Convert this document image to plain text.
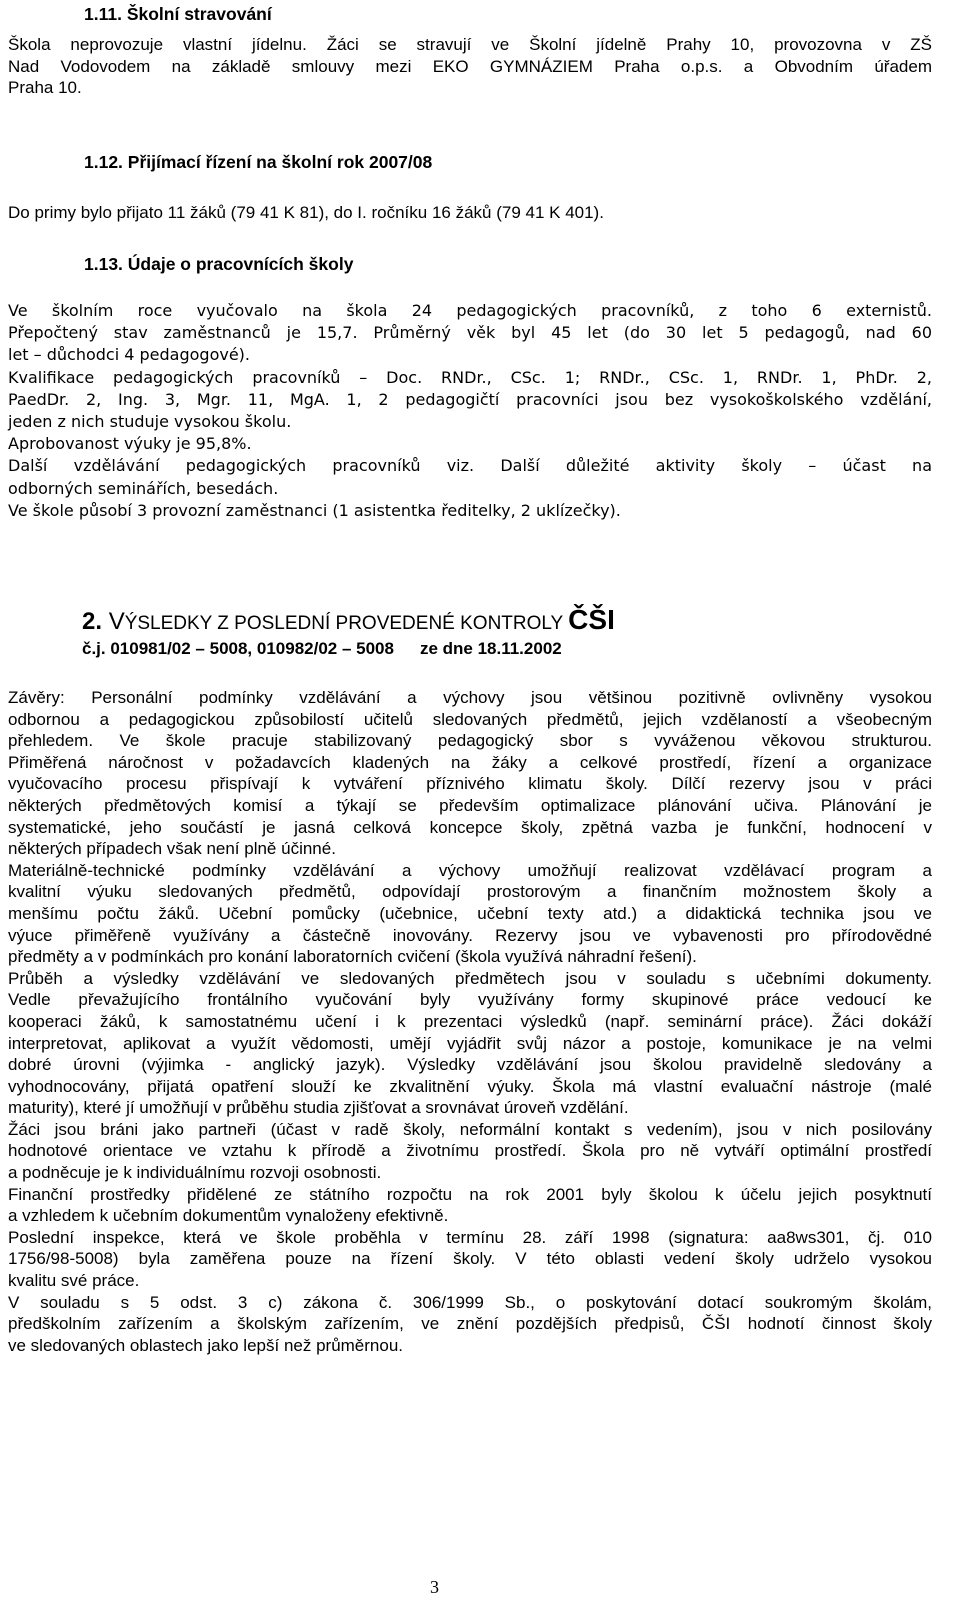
1.11. Školní stravování
Škola neprovozuje vlastní jídelnu. Žáci se stravují ve Školní jídelně Prahy 10, provozovna v ZŠ
Nad Vodovodem na základě smlouvy mezi EKO GYMNÁZIEM Praha o.p.s. a Obvodním úřadem
Praha 10.
1.12. Přijímací řízení na školní rok 2007/08
Do primy bylo přijato 11 žáků (79 41 K 81), do I. ročníku 16 žáků (79 41 K 401).
1.13. Údaje o pracovnících školy
Ve školním roce vyučovalo na škola 24 pedagogických pracovníků, z toho 6 externistů.
Přepočtený stav zaměstnanců je 15,7. Průměrný věk byl 45 let (do 30 let 5 pedagogů, nad 60
let – důchodci 4 pedagogové).
Kvalifikace pedagogických pracovníků – Doc. RNDr., CSc. 1; RNDr., CSc. 1, RNDr. 1, PhDr. 2,
PaedDr. 2, Ing. 3, Mgr. 11, MgA. 1, 2 pedagogičtí pracovníci jsou bez vysokoškolského vzdělání,
jeden z nich studuje vysokou školu.
Aprobovanost výuky je 95,8%.
Další vzdělávání pedagogických pracovníků viz. Další důležité aktivity školy – účast na
odborných seminářích, besedách.
Ve škole působí 3 provozní zaměstnanci (1 asistentka ředitelky, 2 uklízečky).
2. VÝSLEDKY Z POSLEDNÍ PROVEDENÉ KONTROLY ČŠI
č.j. 010981/02 – 5008, 010982/02 – 5008 ze dne 18.11.2002
Závěry: Personální podmínky vzdělávání a výchovy jsou většinou pozitivně ovlivněny vysokou
odbornou a pedagogickou způsobilostí učitelů sledovaných předmětů, jejich vzdělaností a všeobecným
přehledem. Ve škole pracuje stabilizovaný pedagogický sbor s vyváženou věkovou strukturou.
Přiměřená náročnost v požadavcích kladených na žáky a celkové prostředí, řízení a organizace
vyučovacího procesu přispívají k vytváření příznivého klimatu školy. Dílčí rezervy jsou v práci
některých předmětových komisí a týkají se především optimalizace plánování učiva. Plánování je
systematické, jeho součástí je jasná celková koncepce školy, zpětná vazba je funkční, hodnocení v
některých případech však není plně účinné.
Materiálně-technické podmínky vzdělávání a výchovy umožňují realizovat vzdělávací program a
kvalitní výuku sledovaných předmětů, odpovídají prostorovým a finančním možnostem školy a
menšímu počtu žáků. Učební pomůcky (učebnice, učební texty atd.) a didaktická technika jsou ve
výuce přiměřeně využívány a částečně inovovány. Rezervy jsou ve vybavenosti pro přírodovědné
předměty a v podmínkách pro konání laboratorních cvičení (škola využívá náhradní řešení).
Průběh a výsledky vzdělávání ve sledovaných předmětech jsou v souladu s učebními dokumenty.
Vedle převažujícího frontálního vyučování byly využívány formy skupinové práce vedoucí ke
kooperaci žáků, k samostatnému učení i k prezentaci výsledků (např. seminární práce). Žáci dokáží
interpretovat, aplikovat a využít vědomosti, umějí vyjádřit svůj názor a postoje, komunikace je na velmi
dobré úrovni (výjimka - anglický jazyk). Výsledky vzdělávání jsou školou pravidelně sledovány a
vyhodnocovány, přijatá opatření slouží ke zkvalitnění výuky. Škola má vlastní evaluační nástroje (malé
maturity), které jí umožňují v průběhu studia zjišťovat a srovnávat úroveň vzdělání.
Žáci jsou bráni jako partneři (účast v radě školy, neformální kontakt s vedením), jsou v nich posilovány
hodnotové orientace ve vztahu k přírodě a životnímu prostředí. Škola pro ně vytváří optimální prostředí
a podněcuje je k individuálnímu rozvoji osobnosti.
Finanční prostředky přidělené ze státního rozpočtu na rok 2001 byly školou k účelu jejich posyktnutí
a vzhledem k učebním dokumentům vynaloženy efektivně.
Poslední inspekce, která ve škole proběhla v termínu 28. září 1998 (signatura: aa8ws301, čj. 010
1756/98-5008) byla zaměřena pouze na řízení školy. V této oblasti vedení školy udrželo vysokou
kvalitu své práce.
V souladu s 5 odst. 3 c) zákona č. 306/1999 Sb., o poskytování dotací soukromým školám,
předškolním zařízením a školským zařízením, ve znění pozdějších předpisů, ČŠI hodnotí činnost školy
ve sledovaných oblastech jako lepší než průměrnou.
3
